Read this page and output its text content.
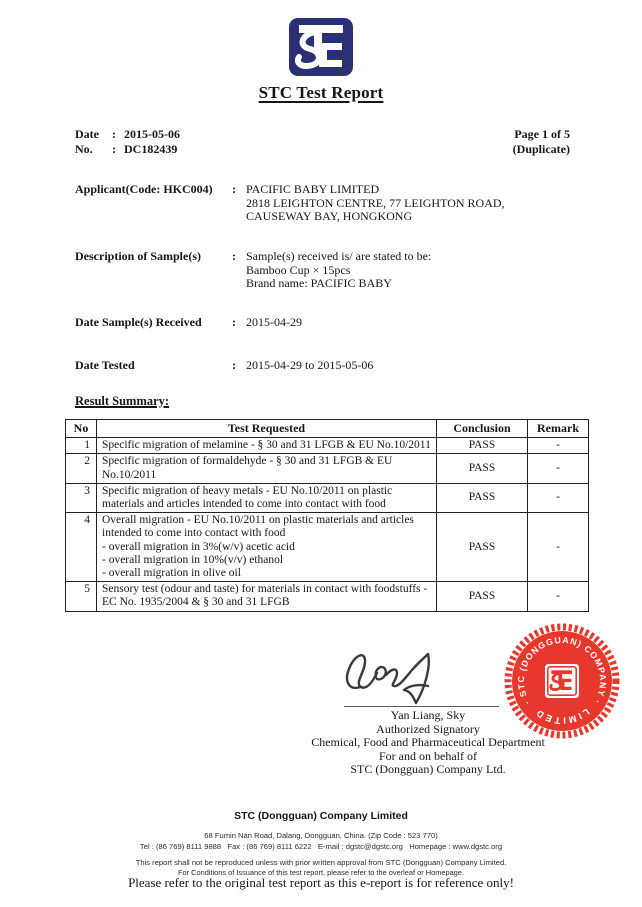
STC Test Report
Date	: 2015-05-06
No.	: DC182439
Page 1 of 5
(Duplicate)
Applicant(Code: HKC004)	: PACIFIC BABY LIMITED
2818 LEIGHTON CENTRE, 77 LEIGHTON ROAD,
CAUSEWAY BAY, HONGKONG
Description of Sample(s)	: Sample(s) received is/ are stated to be:
Bamboo Cup × 15pcs
Brand name: PACIFIC BABY
Date Sample(s) Received	: 2015-04-29
Date Tested	: 2015-04-29 to 2015-05-06
Result Summary:
No	Test Requested	Conclusion	Remark
1	Specific migration of melamine - § 30 and 31 LFGB & EU No.10/2011	PASS	-
2	Specific migration of formaldehyde - § 30 and 31 LFGB & EU No.10/2011	PASS	-
3	Specific migration of heavy metals - EU No.10/2011 on plastic materials and articles intended to come into contact with food	PASS	-
4	Overall migration - EU No.10/2011 on plastic materials and articles intended to come into contact with food
- overall migration in 3%(w/v) acetic acid
- overall migration in 10%(v/v) ethanol
- overall migration in olive oil	PASS	-
5	Sensory test (odour and taste) for materials in contact with foodstuffs - EC No. 1935/2004 & § 30 and 31 LFGB	PASS	-
Yan Liang, Sky
Authorized Signatory
Chemical, Food and Pharmaceutical Department
For and on behalf of
STC (Dongguan) Company Ltd.
· STC (DONGGUAN) COMPANY ·
LIMITED
STC (Dongguan) Company Limited
68 Fumin Nan Road, Dalang, Dongguan, China. (Zip Code : 523 770)
Tel : (86 769) 8111 9888   Fax : (86 769) 8111 6222   E-mail : dgstc@dgstc.org   Homepage : www.dgstc.org
This report shall not be reproduced unless with prior written approval from STC (Dongguan) Company Limited.
For Conditions of Issuance of this test report, please refer to the overleaf or Homepage.
Please refer to the original test report as this e-report is for reference only!
